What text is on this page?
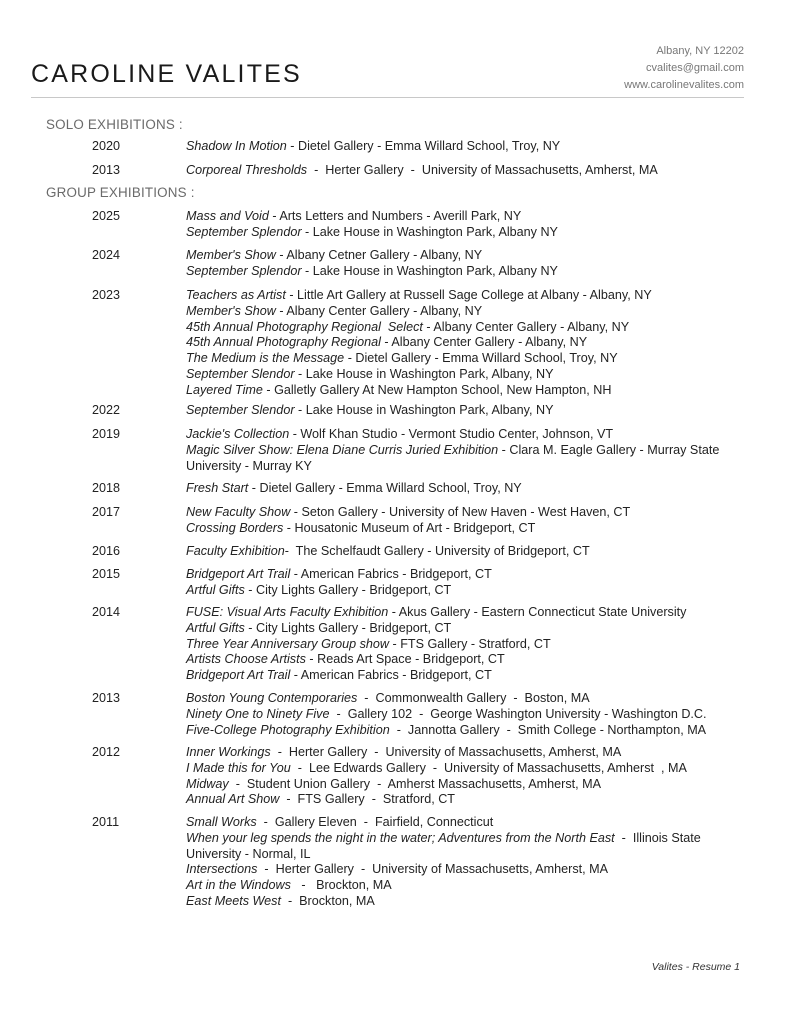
CAROLINE VALITES
Albany, NY 12202
cvalites@gmail.com
www.carolinevalites.com
SOLO EXHIBITIONS :
2020	Shadow In Motion - Dietel Gallery - Emma Willard School, Troy, NY
2013	Corporeal Thresholds  -  Herter Gallery  -  University of Massachusetts, Amherst, MA
GROUP EXHIBITIONS :
2025	Mass and Void - Arts Letters and Numbers - Averill Park, NY
September Splendor - Lake House in Washington Park, Albany NY
2024	Member's Show - Albany Cetner Gallery - Albany, NY
September Splendor - Lake House in Washington Park, Albany NY
2023	Teachers as Artist - Little Art Gallery at Russell Sage College at Albany - Albany, NY
Member's Show - Albany Center Gallery - Albany, NY
45th Annual Photography Regional  Select - Albany Center Gallery - Albany, NY
45th Annual Photography Regional - Albany Center Gallery - Albany, NY
The Medium is the Message - Dietel Gallery - Emma Willard School, Troy, NY
September Slendor - Lake House in Washington Park, Albany, NY
Layered Time - Galletly Gallery At New Hampton School, New Hampton, NH
2022	September Slendor - Lake House in Washington Park, Albany, NY
2019	Jackie's Collection - Wolf Khan Studio - Vermont Studio Center, Johnson, VT
Magic Silver Show: Elena Diane Curris Juried Exhibition - Clara M. Eagle Gallery - Murray State University - Murray KY
2018	Fresh Start - Dietel Gallery - Emma Willard School, Troy, NY
2017	New Faculty Show - Seton Gallery - University of New Haven - West Haven, CT
Crossing Borders - Housatonic Museum of Art - Bridgeport, CT
2016	Faculty Exhibition-  The Schelfaudt Gallery - University of Bridgeport, CT
2015	Bridgeport Art Trail - American Fabrics - Bridgeport, CT
Artful Gifts - City Lights Gallery - Bridgeport, CT
2014	FUSE: Visual Arts Faculty Exhibition - Akus Gallery - Eastern Connecticut State University
Artful Gifts - City Lights Gallery - Bridgeport, CT
Three Year Anniversary Group show - FTS Gallery - Stratford, CT
Artists Choose Artists - Reads Art Space - Bridgeport, CT
Bridgeport Art Trail - American Fabrics - Bridgeport, CT
2013	Boston Young Contemporaries  -  Commonwealth Gallery  -  Boston, MA
Ninety One to Ninety Five  -  Gallery 102  -  George Washington University - Washington D.C.
Five-College Photography Exhibition  -  Jannotta Gallery  -  Smith College - Northampton, MA
2012	Inner Workings  -  Herter Gallery  -  University of Massachusetts, Amherst, MA
I Made this for You  -  Lee Edwards Gallery  -  University of Massachusetts, Amherst  , MA
Midway  -  Student Union Gallery  -  Amherst Massachusetts, Amherst, MA
Annual Art Show  -  FTS Gallery  -  Stratford, CT
2011	Small Works  -  Gallery Eleven  -  Fairfield, Connecticut
When your leg spends the night in the water; Adventures from the North East  -  Illinois State University - Normal, IL
Intersections  -  Herter Gallery  -  University of Massachusetts, Amherst, MA
Art in the Windows   -   Brockton, MA
East Meets West  -  Brockton, MA
Valites - Resume 1
